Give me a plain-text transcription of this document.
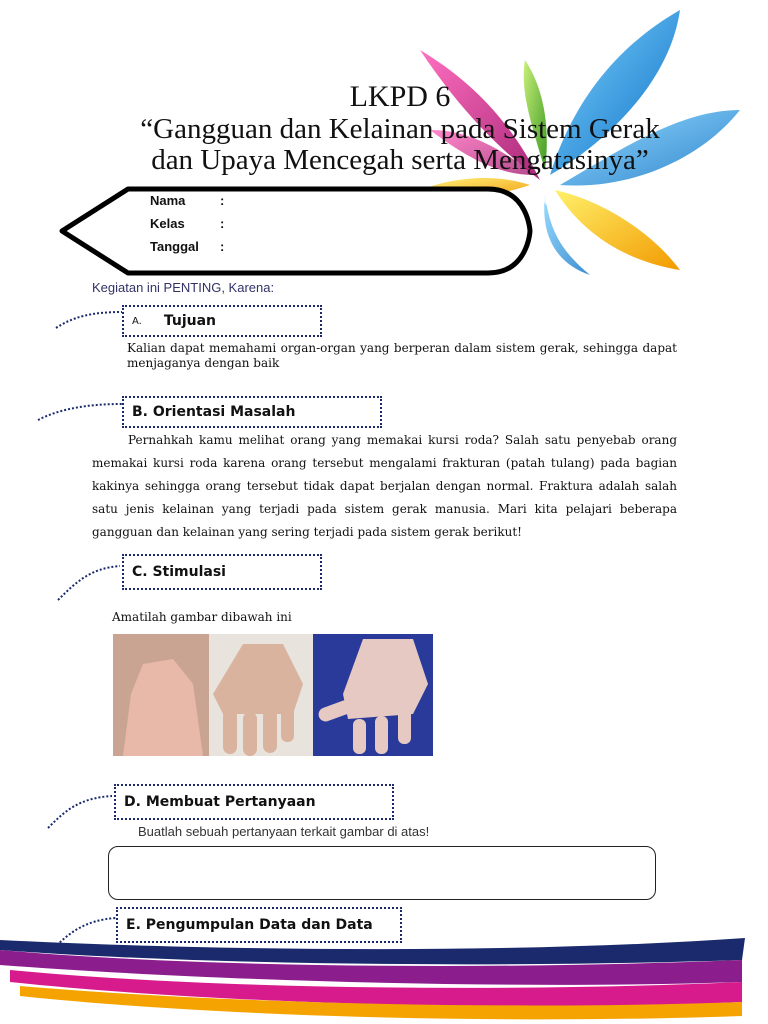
LKPD 6
“Gangguan dan Kelainan pada Sistem Gerak
dan Upaya Mencegah serta Mengatasinya”
Nama	:
Kelas	:
Tanggal :
Kegiatan ini PENTING, Karena:
A. Tujuan
Kalian dapat memahami organ-organ yang berperan dalam sistem gerak, sehingga dapat menjaganya dengan baik
B. Orientasi Masalah
Pernahkah kamu melihat orang yang memakai kursi roda? Salah satu penyebab orang memakai kursi roda karena orang tersebut mengalami frakturan (patah tulang) pada bagian kakinya sehingga orang tersebut tidak dapat berjalan dengan normal. Fraktura adalah salah satu jenis kelainan yang terjadi pada sistem gerak manusia. Mari kita pelajari beberapa gangguan dan kelainan yang sering terjadi pada sistem gerak berikut!
C. Stimulasi
Amatilah gambar dibawah ini
D. Membuat Pertanyaan
Buatlah sebuah pertanyaan terkait gambar di atas!
E. Pengumpulan Data dan Data
